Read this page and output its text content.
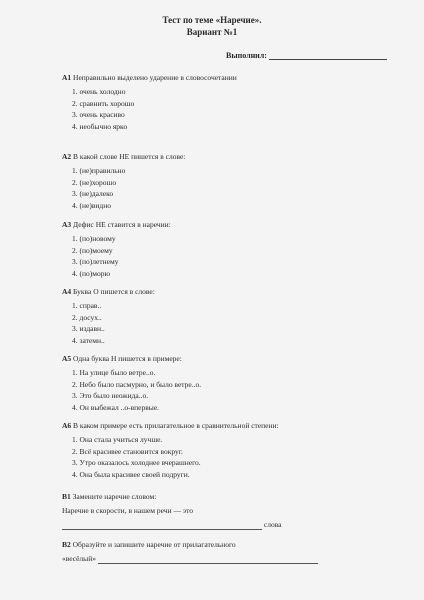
Тест по теме «Наречие».
Вариант №1
Выполнил:
A1 Неправильно выделено ударение в словосочетании
1. очень холодно
2. сравнить хорошо
3. очень красиво
4. необычно ярко
A2 В какой слове НЕ пишется в слове:
1. (не)правильно
2. (не)хорошо
3. (не)далеко
4. (не)видно
A3 Дефис НЕ ставится в наречии:
1. (по)новому
2. (по)моему
3. (по)летнему
4. (по)морю
A4 Буква О пишется в слове:
1. справ..
2. досух..
3. издавн..
4. затемн..
A5 Одна буква Н пишется в примере:
1. На улице было ветре..о.
2. Небо было пасмурно, и было ветре..о.
3. Это было неожида..о.
4. Он выбежал ..о-впервые.
A6 В каком примере есть прилагательное в сравнительной степени:
1. Она стала учиться лучше.
2. Всё красивее становится вокруг.
3. Утро оказалось холоднее вчерашнего.
4. Она была красивее своей подруги.
B1 Замените наречие словом:
Наречие в скорости, в нашем речи — это
слова
B2 Образуйте и запишите наречие от прилагательного
«весёлый»
